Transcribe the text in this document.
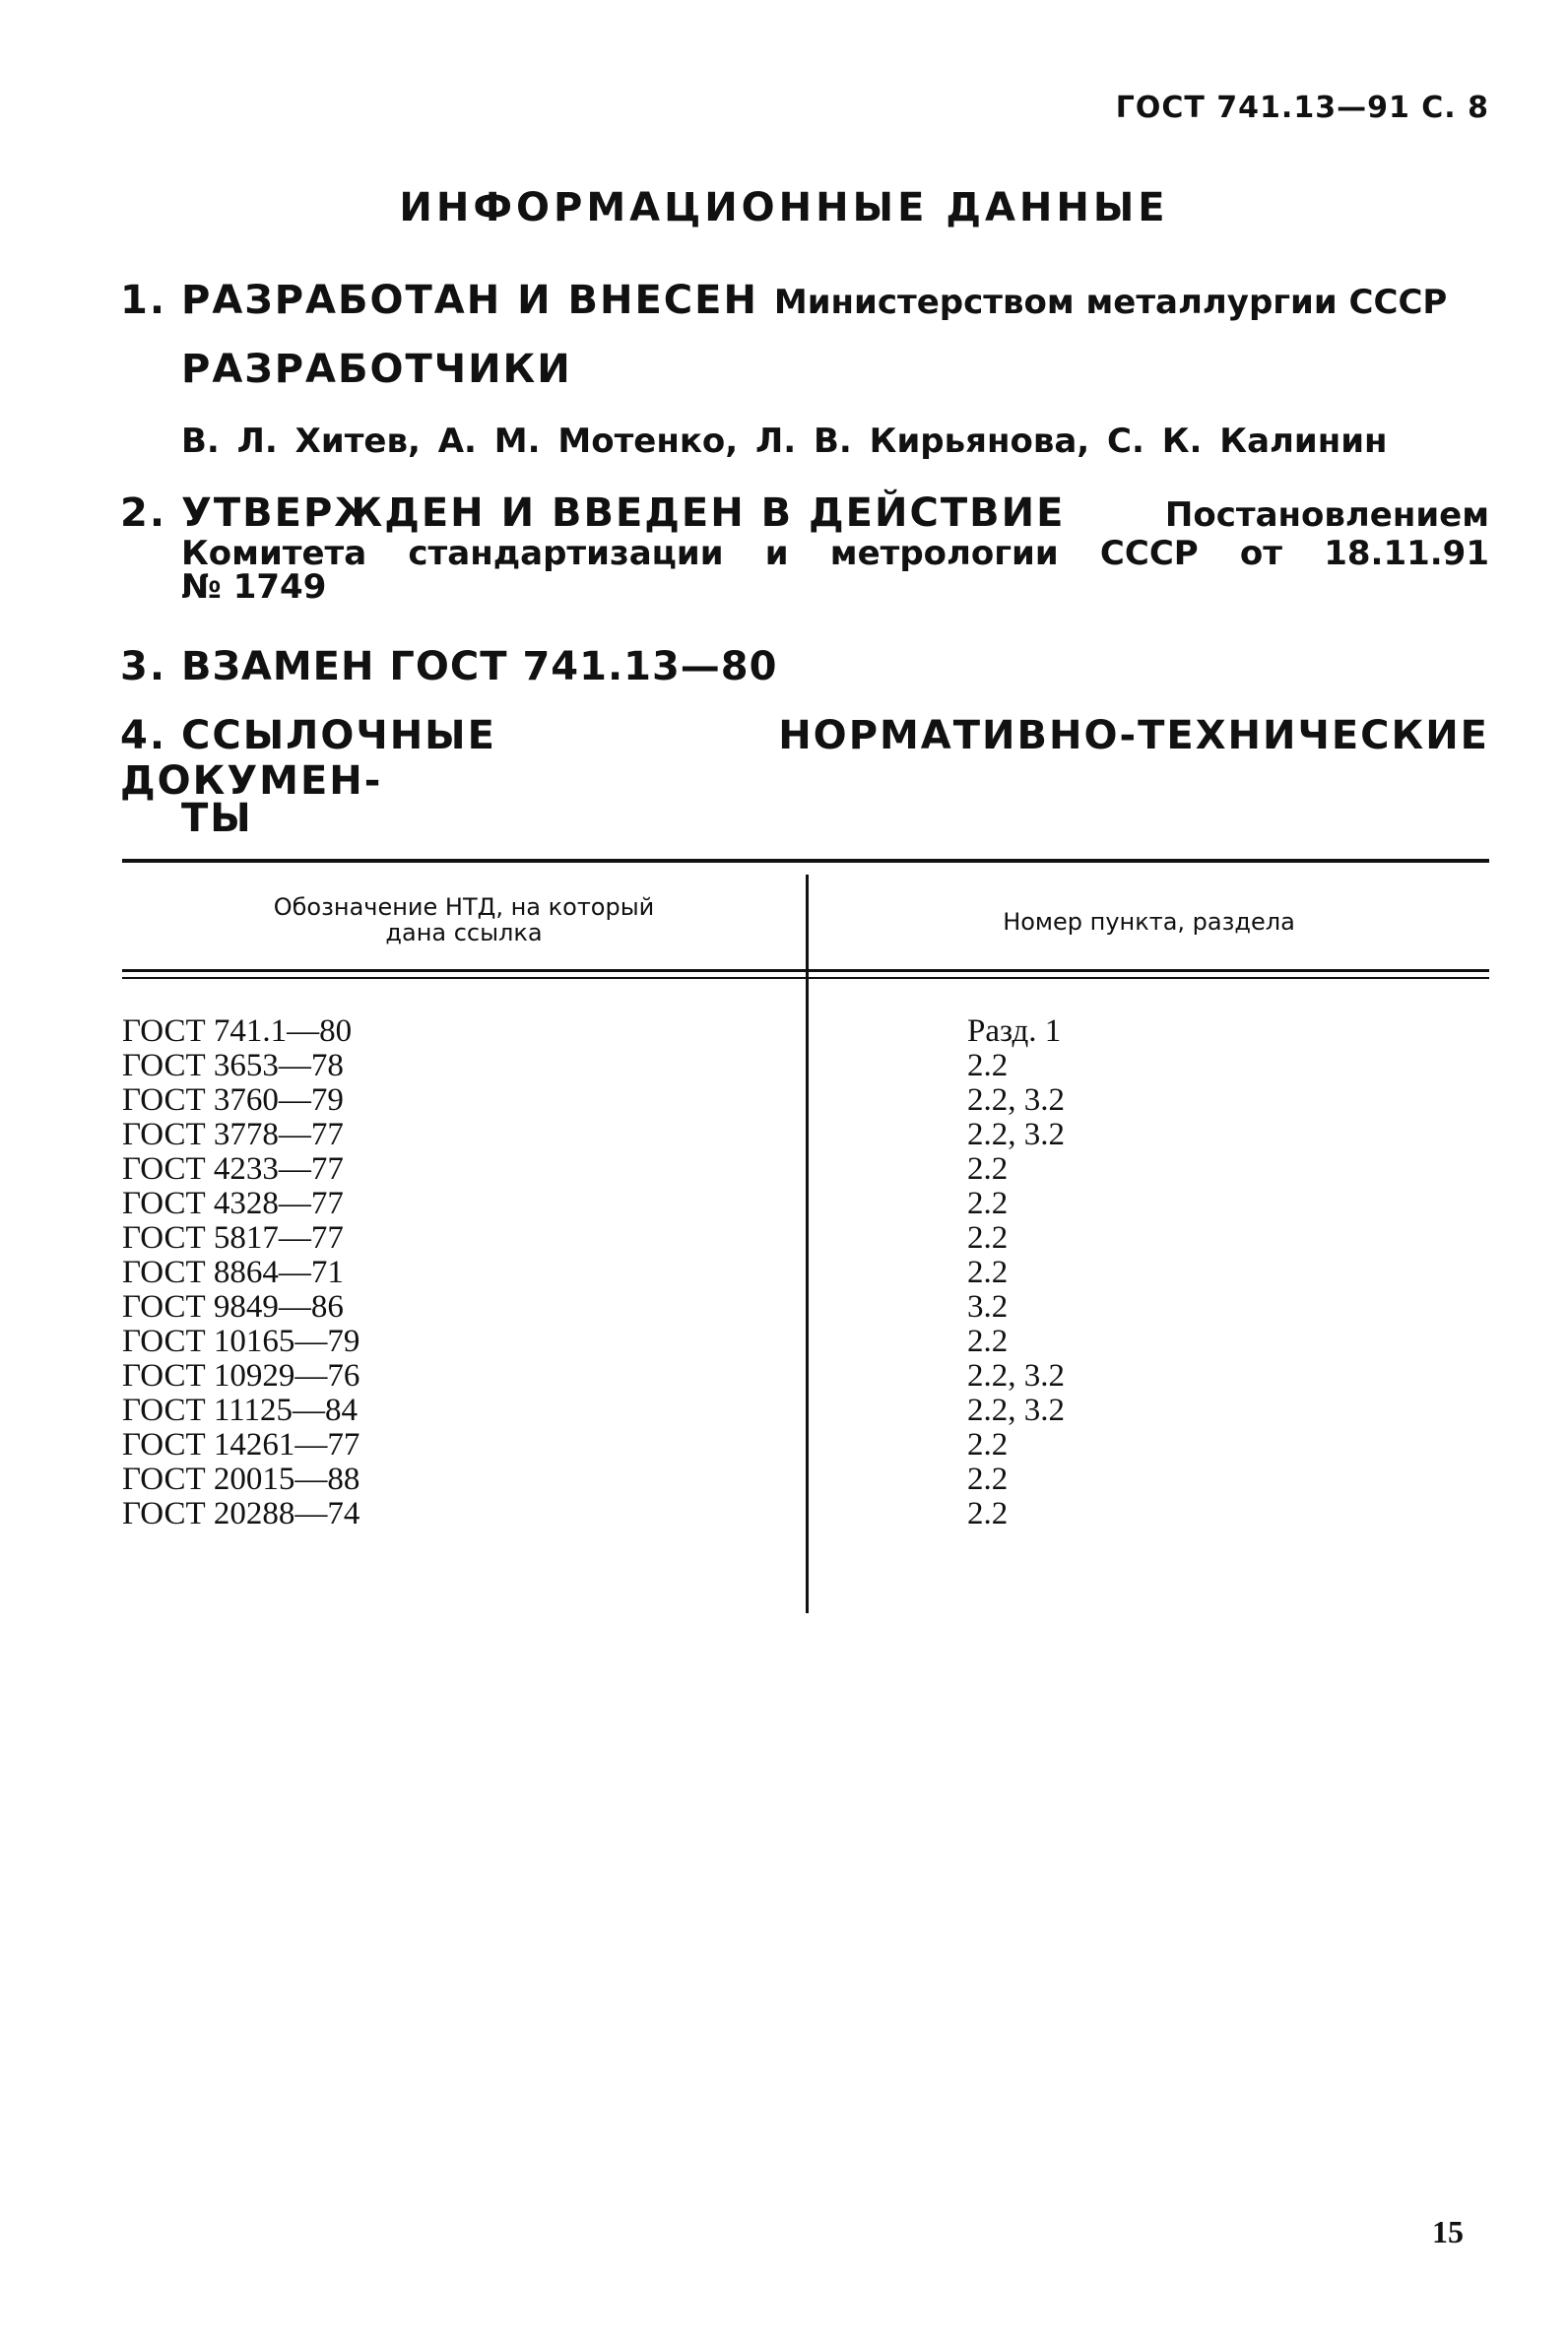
ГОСТ 741.13—91 С. 8
ИНФОРМАЦИОННЫЕ ДАННЫЕ
1. РАЗРАБОТАН И ВНЕСЕН Министерством металлургии СССР
РАЗРАБОТЧИКИ
В. Л. Хитев, А. М. Мотенко, Л. В. Кирьянова, С. К. Калинин
2. УТВЕРЖДЕН И ВВЕДЕН В ДЕЙСТВИЕ	Постановлением
Комитета стандартизации и метрологии СССР от 18.11.91
№ 1749
3. ВЗАМЕН ГОСТ 741.13—80
4. ССЫЛОЧНЫЕ НОРМАТИВНО-ТЕХНИЧЕСКИЕ ДОКУМЕН-
ТЫ
Обозначение НТД, на который
дана ссылка	Номер пункта, раздела
ГОСТ 741.1—80	Разд. 1
ГОСТ 3653—78	2.2
ГОСТ 3760—79	2.2, 3.2
ГОСТ 3778—77	2.2, 3.2
ГОСТ 4233—77	2.2
ГОСТ 4328—77	2.2
ГОСТ 5817—77	2.2
ГОСТ 8864—71	2.2
ГОСТ 9849—86	3.2
ГОСТ 10165—79	2.2
ГОСТ 10929—76	2.2, 3.2
ГОСТ 11125—84	2.2, 3.2
ГОСТ 14261—77	2.2
ГОСТ 20015—88	2.2
ГОСТ 20288—74	2.2
15
